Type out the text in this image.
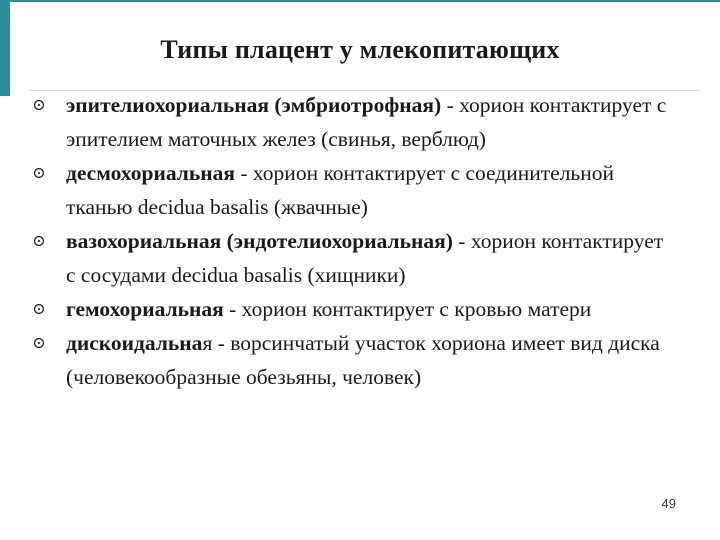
Типы плацент у млекопитающих
⊙ эпителиохориальная (эмбриотрофная) - хорион контактирует с эпителием маточных желез (свинья, верблюд)
⊙ десмохориальная - хорион контактирует с соединительной тканью decidua basalis (жвачные)
⊙ вазохориальная (эндотелиохориальная) - хорион контактирует с сосудами decidua basalis (хищники)
⊙ гемохориальная - хорион контактирует с кровью матери
⊙ дискоидальная - ворсинчатый участок хориона имеет вид диска (человекообразные обезьяны, человек)
49
